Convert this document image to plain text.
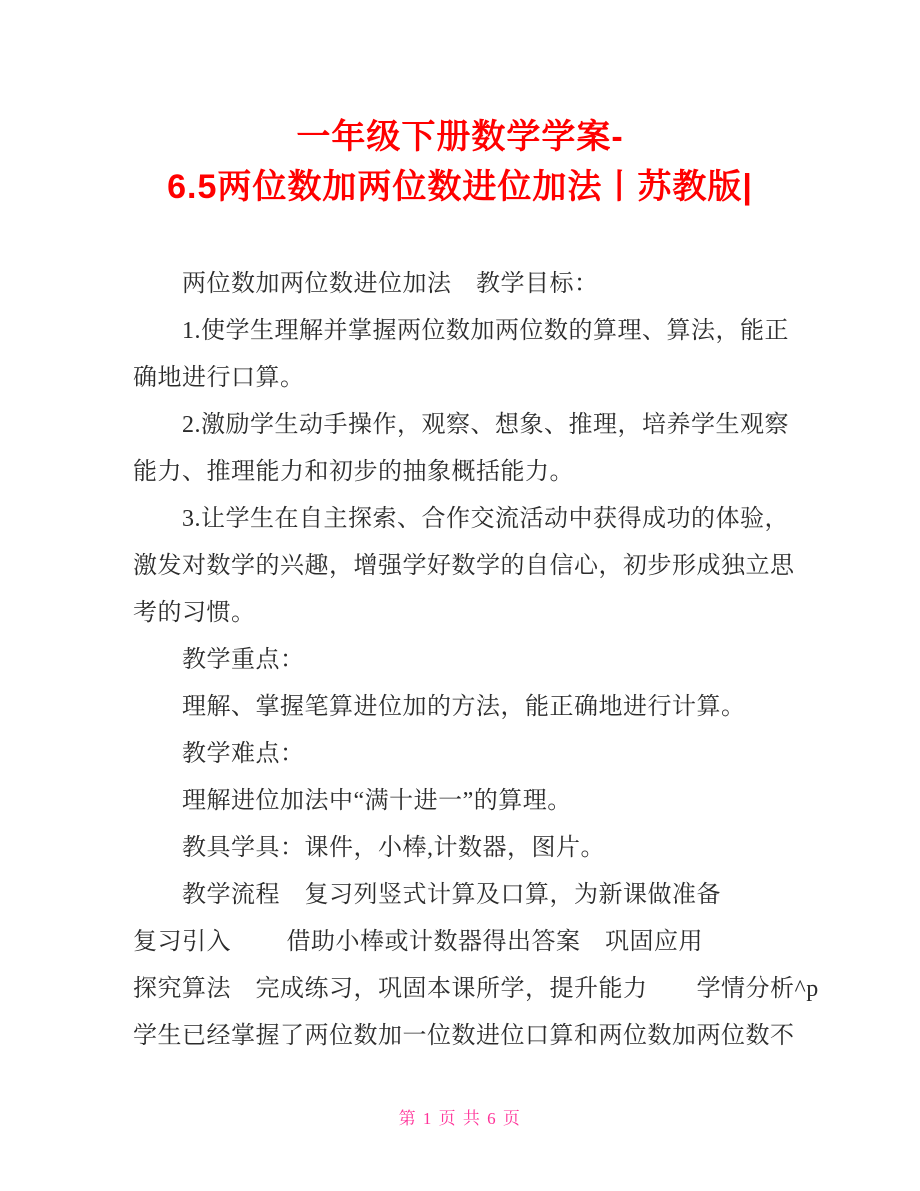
一年级下册数学学案-
6.5两位数加两位数进位加法丨苏教版|
两位数加两位数进位加法　教学目标：
1.使学生理解并掌握两位数加两位数的算理、算法，能正
确地进行口算。
2.激励学生动手操作，观察、想象、推理，培养学生观察
能力、推理能力和初步的抽象概括能力。
3.让学生在自主探索、合作交流活动中获得成功的体验，
激发对数学的兴趣，增强学好数学的自信心，初步形成独立思
考的习惯。
教学重点：
理解、掌握笔算进位加的方法，能正确地进行计算。
教学难点：
理解进位加法中“满十进一”的算理。
教具学具：课件，小棒,计数器，图片。
教学流程　复习列竖式计算及口算，为新课做准备
复习引入　　 借助小棒或计数器得出答案　巩固应用
探究算法　完成练习，巩固本课所学，提升能力　　学情分析^p
学生已经掌握了两位数加一位数进位口算和两位数加两位数不
第 1 页 共 6 页
